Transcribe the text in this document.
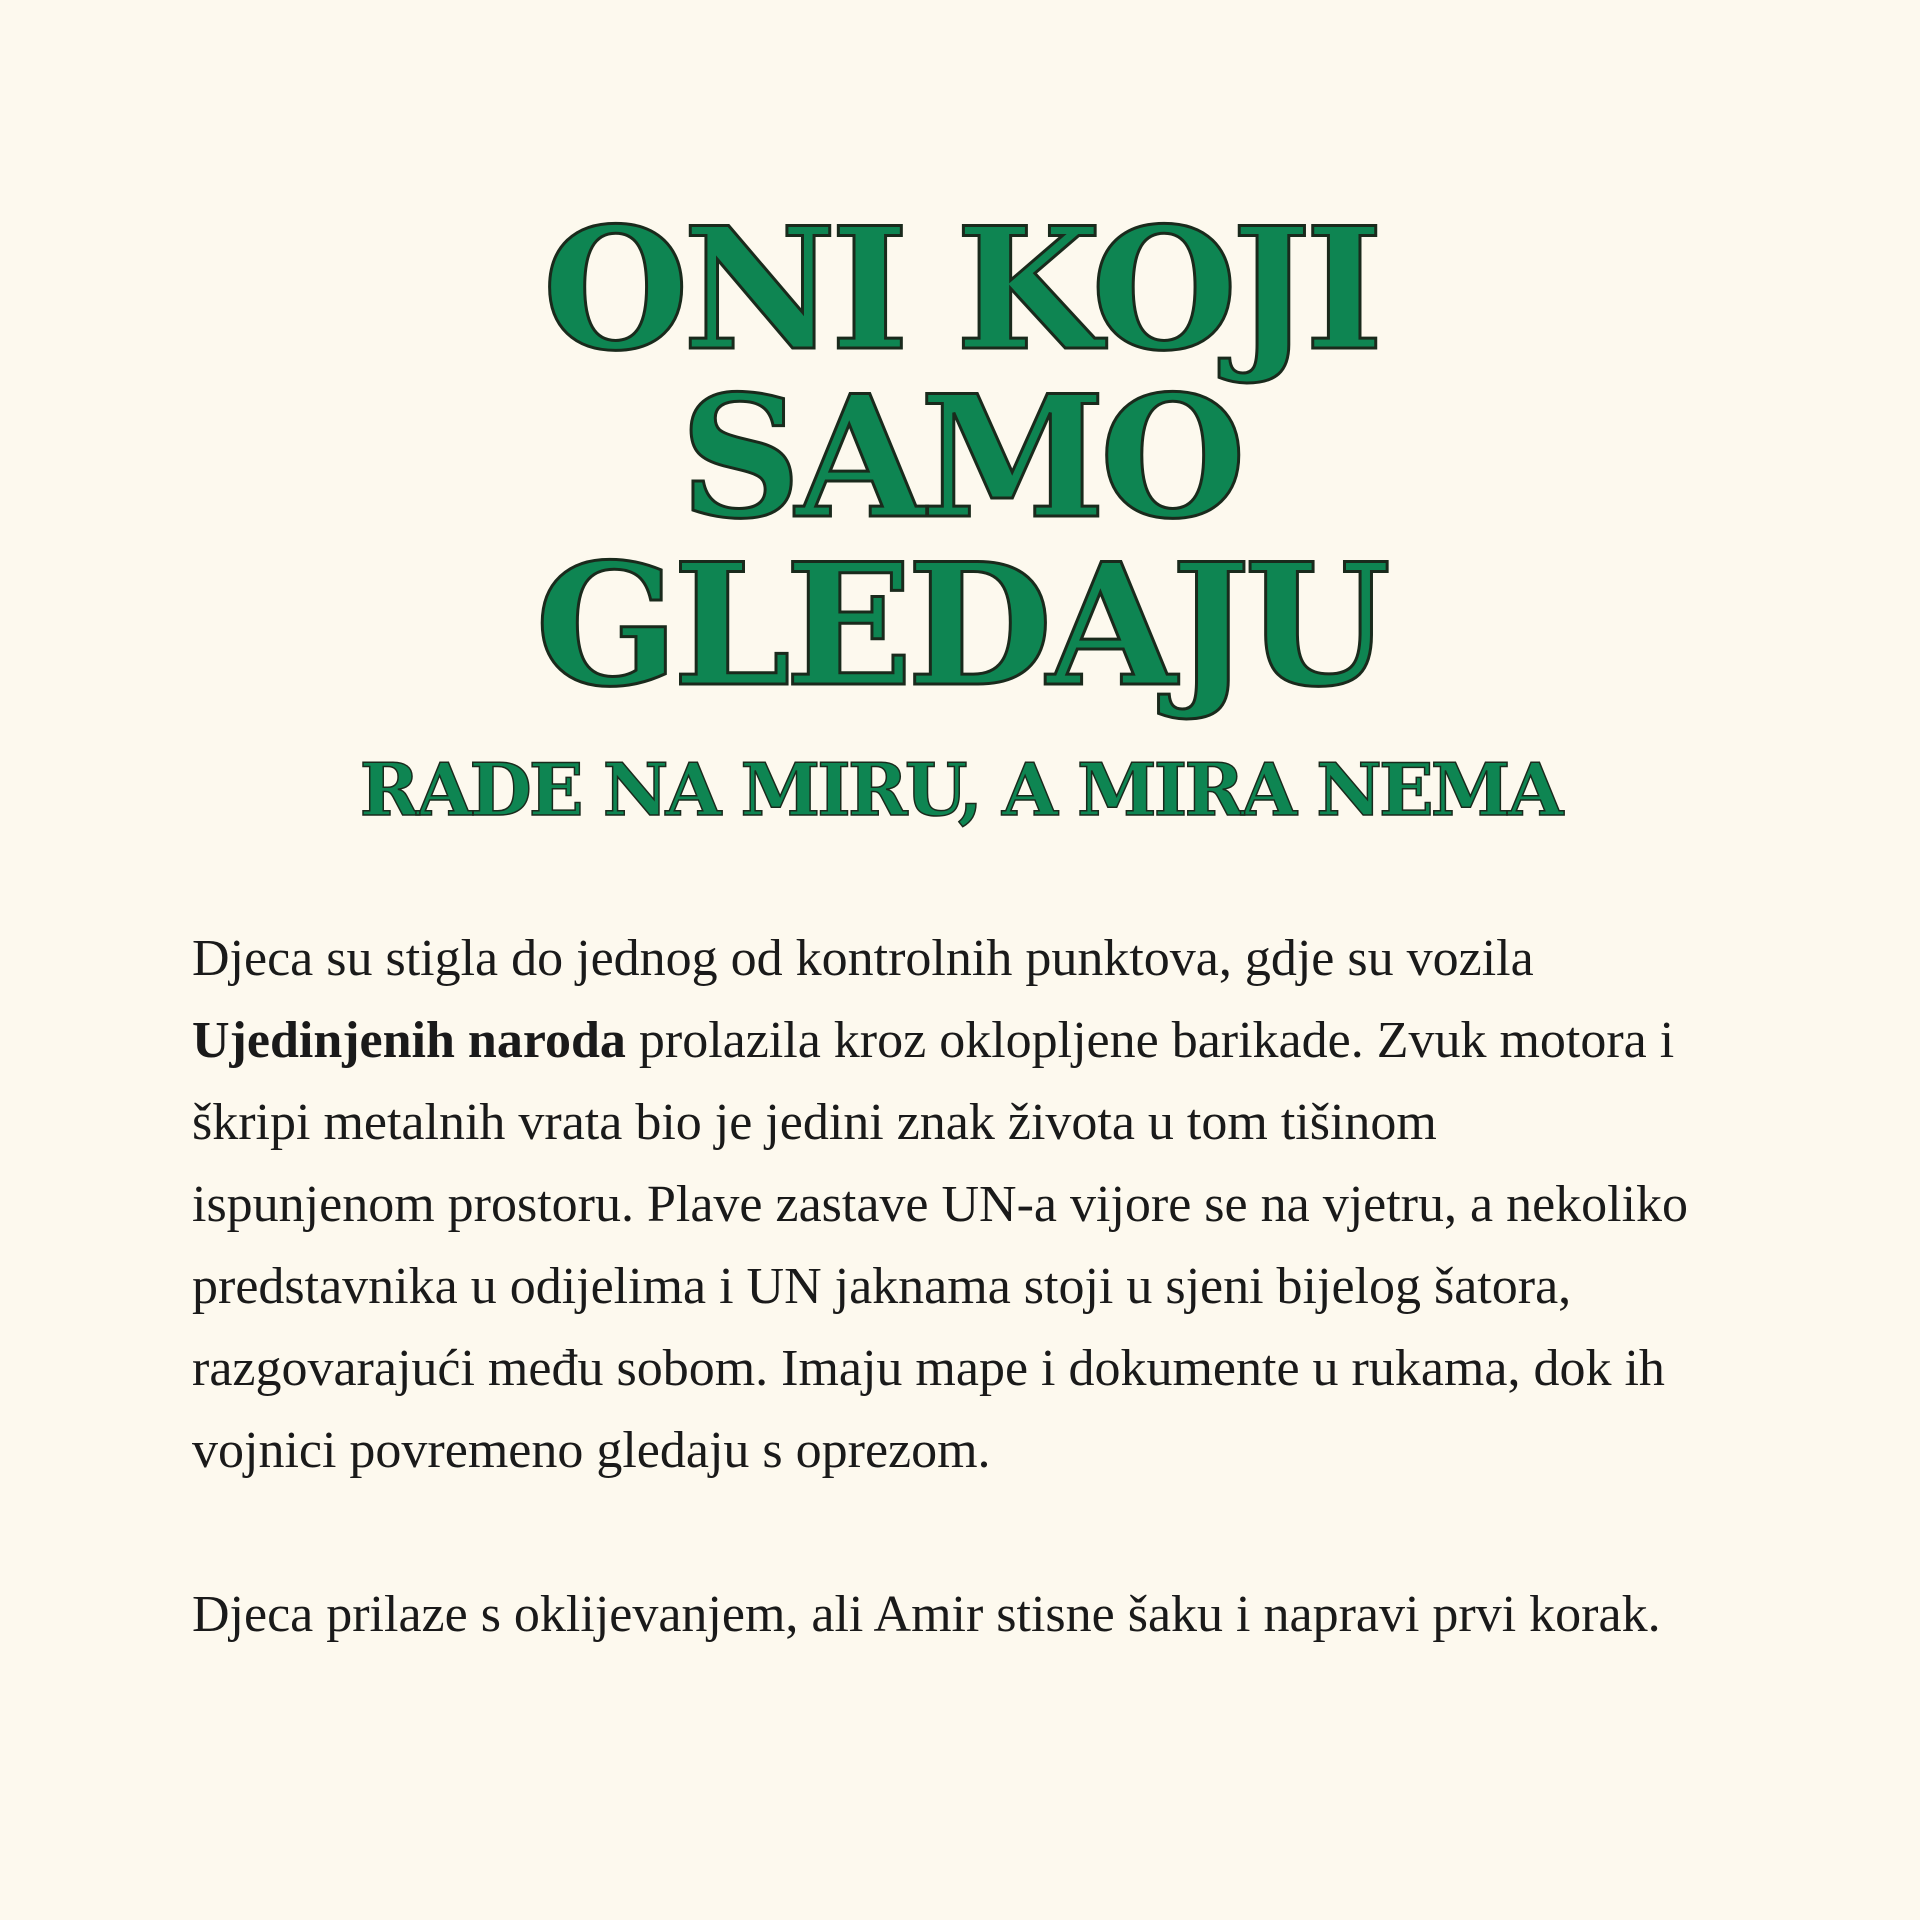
ONI KOJI
SAMO
GLEDAJU
RADE NA MIRU, A MIRA NEMA

Djeca su stigla do jednog od kontrolnih punktova, gdje su vozila Ujedinjenih naroda prolazila kroz oklopljene barikade. Zvuk motora i škripi metalnih vrata bio je jedini znak života u tom tišinom ispunjenom prostoru. Plave zastave UN-a vijore se na vjetru, a nekoliko predstavnika u odijelima i UN jaknama stoji u sjeni bijelog šatora, razgovarajući među sobom. Imaju mape i dokumente u rukama, dok ih vojnici povremeno gledaju s oprezom.

Djeca prilaze s oklijevanjem, ali Amir stisne šaku i napravi prvi korak.
